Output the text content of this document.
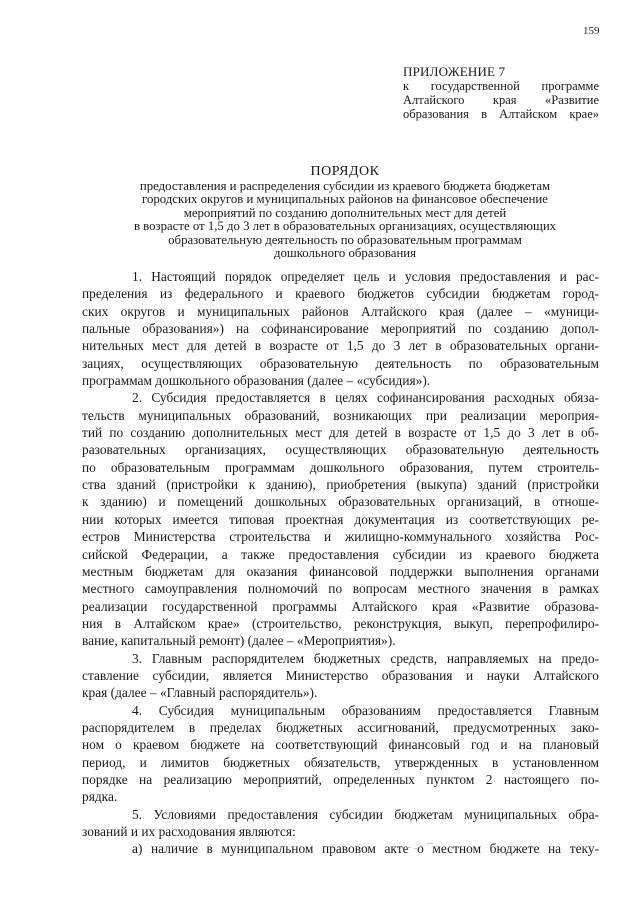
159
ПРИЛОЖЕНИЕ 7
к государственной программе
Алтайского края «Развитие
образования в Алтайском крае»
ПОРЯДОК
предоставления и распределения субсидии из краевого бюджета бюджетам
городских округов и муниципальных районов на финансовое обеспечение
мероприятий по созданию дополнительных мест для детей
в возрасте от 1,5 до 3 лет в образовательных организациях, осуществляющих
образовательную деятельность по образовательным программам
дошкольного образования
1. Настоящий порядок определяет цель и условия предоставления и рас-
пределения из федерального и краевого бюджетов субсидии бюджетам город-
ских округов и муниципальных районов Алтайского края (далее – «муници-
пальные образования») на софинансирование мероприятий по созданию допол-
нительных мест для детей в возрасте от 1,5 до 3 лет в образовательных органи-
зациях, осуществляющих образовательную деятельность по образовательным
программам дошкольного образования (далее – «субсидия»).
2. Субсидия предоставляется в целях софинансирования расходных обяза-
тельств муниципальных образований, возникающих при реализации мероприя-
тий по созданию дополнительных мест для детей в возрасте от 1,5 до 3 лет в об-
разовательных организациях, осуществляющих образовательную деятельность
по образовательным программам дошкольного образования, путем строитель-
ства зданий (пристройки к зданию), приобретения (выкупа) зданий (пристройки
к зданию) и помещений дошкольных образовательных организаций, в отноше-
нии которых имеется типовая проектная документация из соответствующих ре-
естров Министерства строительства и жилищно-коммунального хозяйства Рос-
сийской Федерации, а также предоставления субсидии из краевого бюджета
местным бюджетам для оказания финансовой поддержки выполнения органами
местного самоуправления полномочий по вопросам местного значения в рамках
реализации государственной программы Алтайского края «Развитие образова-
ния в Алтайском крае» (строительство, реконструкция, выкуп, перепрофилиро-
вание, капитальный ремонт) (далее – «Мероприятия»).
3. Главным распорядителем бюджетных средств, направляемых на предо-
ставление субсидии, является Министерство образования и науки Алтайского
края (далее – «Главный распорядитель»).
4. Субсидия муниципальным образованиям предоставляется Главным
распорядителем в пределах бюджетных ассигнований, предусмотренных зако-
ном о краевом бюджете на соответствующий финансовый год и на плановый
период, и лимитов бюджетных обязательств, утвержденных в установленном
порядке на реализацию мероприятий, определенных пунктом 2 настоящего по-
рядка.
5. Условиями предоставления субсидии бюджетам муниципальных обра-
зований и их расходования являются:
а) наличие в муниципальном правовом акте о местном бюджете на теку-
